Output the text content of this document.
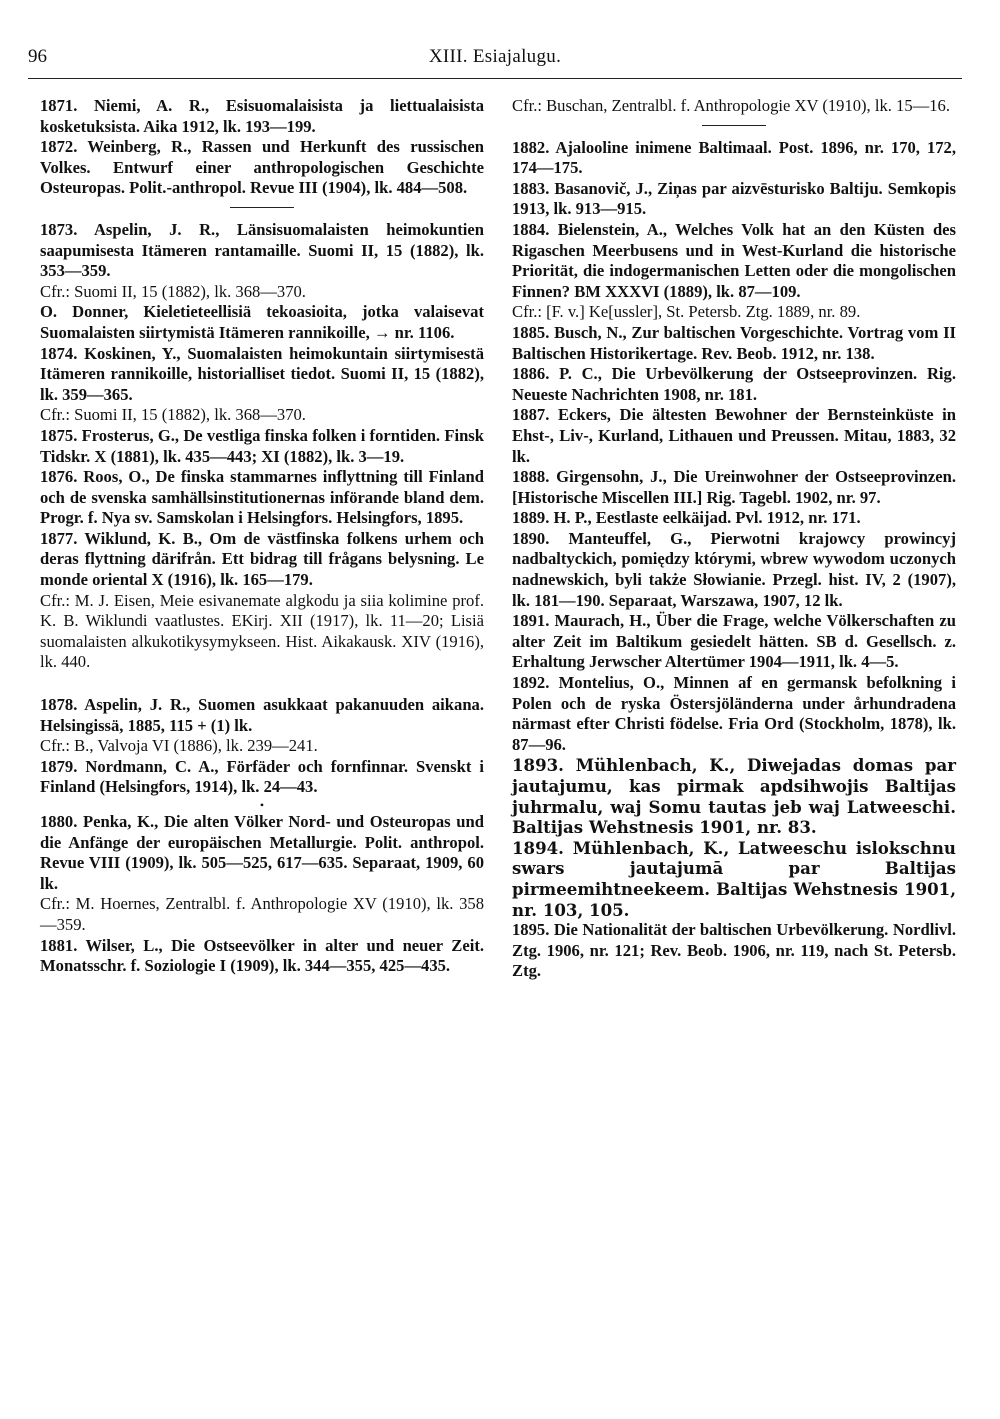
96	XIII. Esiajalugu.
1871. Niemi, A. R., Esisuomalaisista ja liettualaisista kosketuksista. Aika 1912, lk. 193—199.
1872. Weinberg, R., Rassen und Herkunft des russischen Volkes. Entwurf einer anthropologischen Geschichte Osteuropas. Polit.-anthropol. Revue III (1904), lk. 484—508.
1873. Aspelin, J. R., Länsisuomalaisten heimokuntien saapumisesta Itämeren rantamaille. Suomi II, 15 (1882), lk. 353—359.
Cfr.: Suomi II, 15 (1882), lk. 368—370.
O. Donner, Kieletieteellisiä tekoasioita, jotka valaisevat Suomalaisten siirtymistä Itämeren rannikoille, → nr. 1106.
1874. Koskinen, Y., Suomalaisten heimokuntain siirtymisestä Itämeren rannikoille, historialliset tiedot. Suomi II, 15 (1882), lk. 359—365.
Cfr.: Suomi II, 15 (1882), lk. 368—370.
1875. Frosterus, G., De vestliga finska folken i forntiden. Finsk Tidskr. X (1881), lk. 435—443; XI (1882), lk. 3—19.
1876. Roos, O., De finska stammarnes inflyttning till Finland och de svenska samhällsinstitutionernas införande bland dem. Progr. f. Nya sv. Samskolan i Helsingfors. Helsingfors, 1895.
1877. Wiklund, K. B., Om de västfinska folkens urhem och deras flyttning därifrån. Ett bidrag till frågans belysning. Le monde oriental X (1916), lk. 165—179.
Cfr.: M. J. Eisen, Meie esivanemate algkodu ja siia kolimine prof. K. B. Wiklundi vaatlustes. EKirj. XII (1917), lk. 11—20; Lisiä suomalaisten alkukotikysymykseen. Hist. Aikakausk. XIV (1916), lk. 440.
1878. Aspelin, J. R., Suomen asukkaat pakanuuden aikana. Helsingissä, 1885, 115 + (1) lk.
Cfr.: B., Valvoja VI (1886), lk. 239—241.
1879. Nordmann, C. A., Förfäder och fornfinnar. Svenskt i Finland (Helsingfors, 1914), lk. 24—43.
•
1880. Penka, K., Die alten Völker Nord- und Osteuropas und die Anfänge der europäischen Metallurgie. Polit. anthropol. Revue VIII (1909), lk. 505—525, 617—635. Separaat, 1909, 60 lk.
Cfr.: M. Hoernes, Zentralbl. f. Anthropologie XV (1910), lk. 358—359.
1881. Wilser, L., Die Ostseevölker in alter und neuer Zeit. Monatsschr. f. Soziologie I (1909), lk. 344—355, 425—435.
Cfr.: Buschan, Zentralbl. f. Anthropologie XV (1910), lk. 15—16.
1882. Ajalooline inimene Baltimaal. Post. 1896, nr. 170, 172, 174—175.
1883. Basanovič, J., Ziņas par aizvēsturisko Baltiju. Semkopis 1913, lk. 913—915.
1884. Bielenstein, A., Welches Volk hat an den Küsten des Rigaschen Meerbusens und in West-Kurland die historische Priorität, die indogermanischen Letten oder die mongolischen Finnen? BM XXXVI (1889), lk. 87—109.
Cfr.: [F. v.] Ke[ussler], St. Petersb. Ztg. 1889, nr. 89.
1885. Busch, N., Zur baltischen Vorgeschichte. Vortrag vom II Baltischen Historikertage. Rev. Beob. 1912, nr. 138.
1886. P. C., Die Urbevölkerung der Ostseeprovinzen. Rig. Neueste Nachrichten 1908, nr. 181.
1887. Eckers, Die ältesten Bewohner der Bernsteinküste in Ehst-, Liv-, Kurland, Lithauen und Preussen. Mitau, 1883, 32 lk.
1888. Girgensohn, J., Die Ureinwohner der Ostseeprovinzen. [Historische Miscellen III.] Rig. Tagebl. 1902, nr. 97.
1889. H. P., Eestlaste eelkäijad. Pvl. 1912, nr. 171.
1890. Manteuffel, G., Pierwotni krajowcy prowincyj nadbaltyckich, pomiędzy którymi, wbrew wywodom uczonych nadnewskich, byli także Słowianie. Przegl. hist. IV, 2 (1907), lk. 181—190. Separaat, Warszawa, 1907, 12 lk.
1891. Maurach, H., Über die Frage, welche Völkerschaften zu alter Zeit im Baltikum gesiedelt hätten. SB d. Gesellsch. z. Erhaltung Jerwscher Altertümer 1904—1911, lk. 4—5.
1892. Montelius, O., Minnen af en germansk befolkning i Polen och de ryska Östersjöländerna under århundradena närmast efter Christi födelse. Fria Ord (Stockholm, 1878), lk. 87—96.
1893. Mühlenbach, K., Diwejadas domas par jautajumu, kas pirmak apdsihwojis Baltijas juhrmalu, waj Somu tautas jeb waj Latweeschi. Baltijas Wehstnesis 1901, nr. 83.
1894. Mühlenbach, K., Latweeschu islokschnu swars jautajumā par Baltijas pirmeemihtneekeem. Baltijas Wehstnesis 1901, nr. 103, 105.
1895. Die Nationalität der baltischen Urbevölkerung. Nordlivl. Ztg. 1906, nr. 121; Rev. Beob. 1906, nr. 119, nach St. Petersb. Ztg.
